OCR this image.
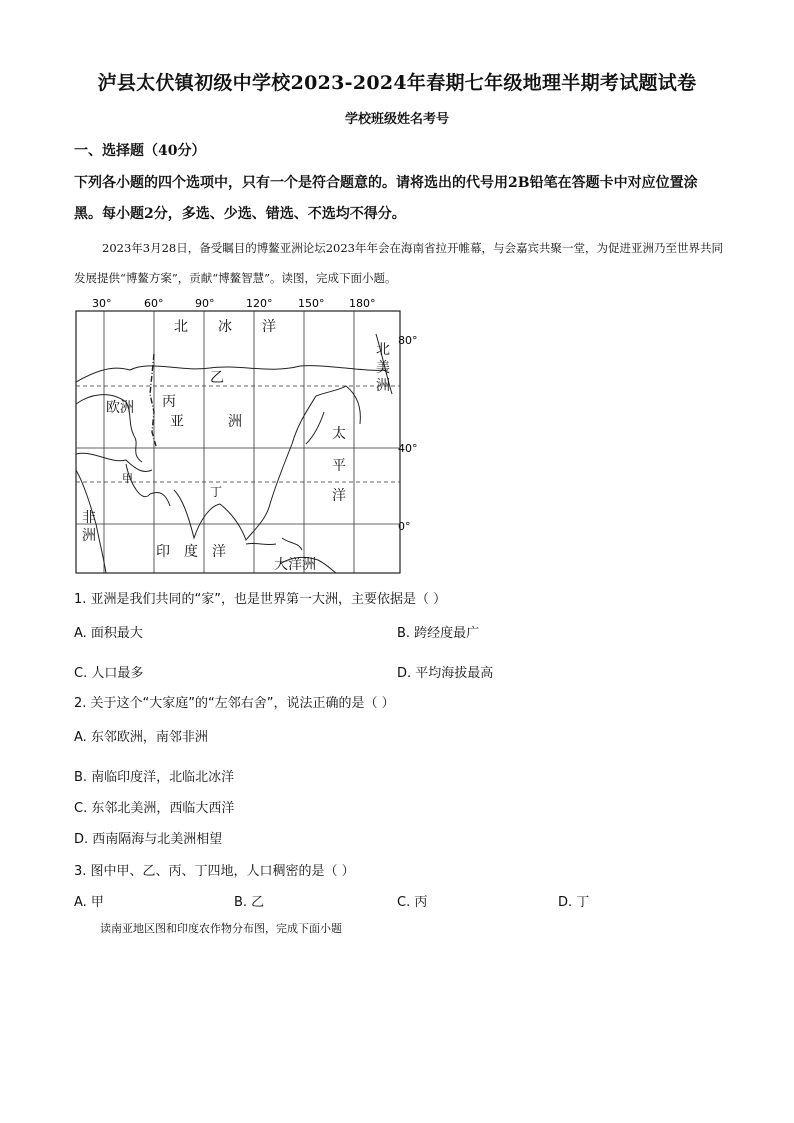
泸县太伏镇初级中学校2023-2024年春期七年级地理半期考试题试卷
学校班级姓名考号
一、选择题（40分）
下列各小题的四个选项中，只有一个是符合题意的。请将选出的代号用2B铅笔在答题卡中对应位置涂黑。每小题2分，多选、少选、错选、不选均不得分。
2023年3月28日，备受瞩目的博鳌亚洲论坛2023年年会在海南省拉开帷幕，与会嘉宾共聚一堂，为促进亚洲乃至世界共同发展提供“博鳌方案”，贡献“博鳌智慧”。读图，完成下面小题。
30°	60°	90°	120° 150° 180°
80°
40°
0°
北 冰 洋
乙
丙
亚	洲
欧洲
甲
丁
非
洲
印 度 洋
太
平
洋
北
美
洲
大洋洲
1. 亚洲是我们共同的“家”，也是世界第一大洲，主要依据是（ ）
A. 面积最大	B. 跨经度最广
C. 人口最多	D. 平均海拔最高
2. 关于这个“大家庭”的“左邻右舍”，说法正确的是（ ）
A. 东邻欧洲，南邻非洲
B. 南临印度洋，北临北冰洋
C. 东邻北美洲，西临大西洋
D. 西南隔海与北美洲相望
3. 图中甲、乙、丙、丁四地，人口稠密的是（ ）
A. 甲	B. 乙	C. 丙	D. 丁
读南亚地区图和印度农作物分布图，完成下面小题
